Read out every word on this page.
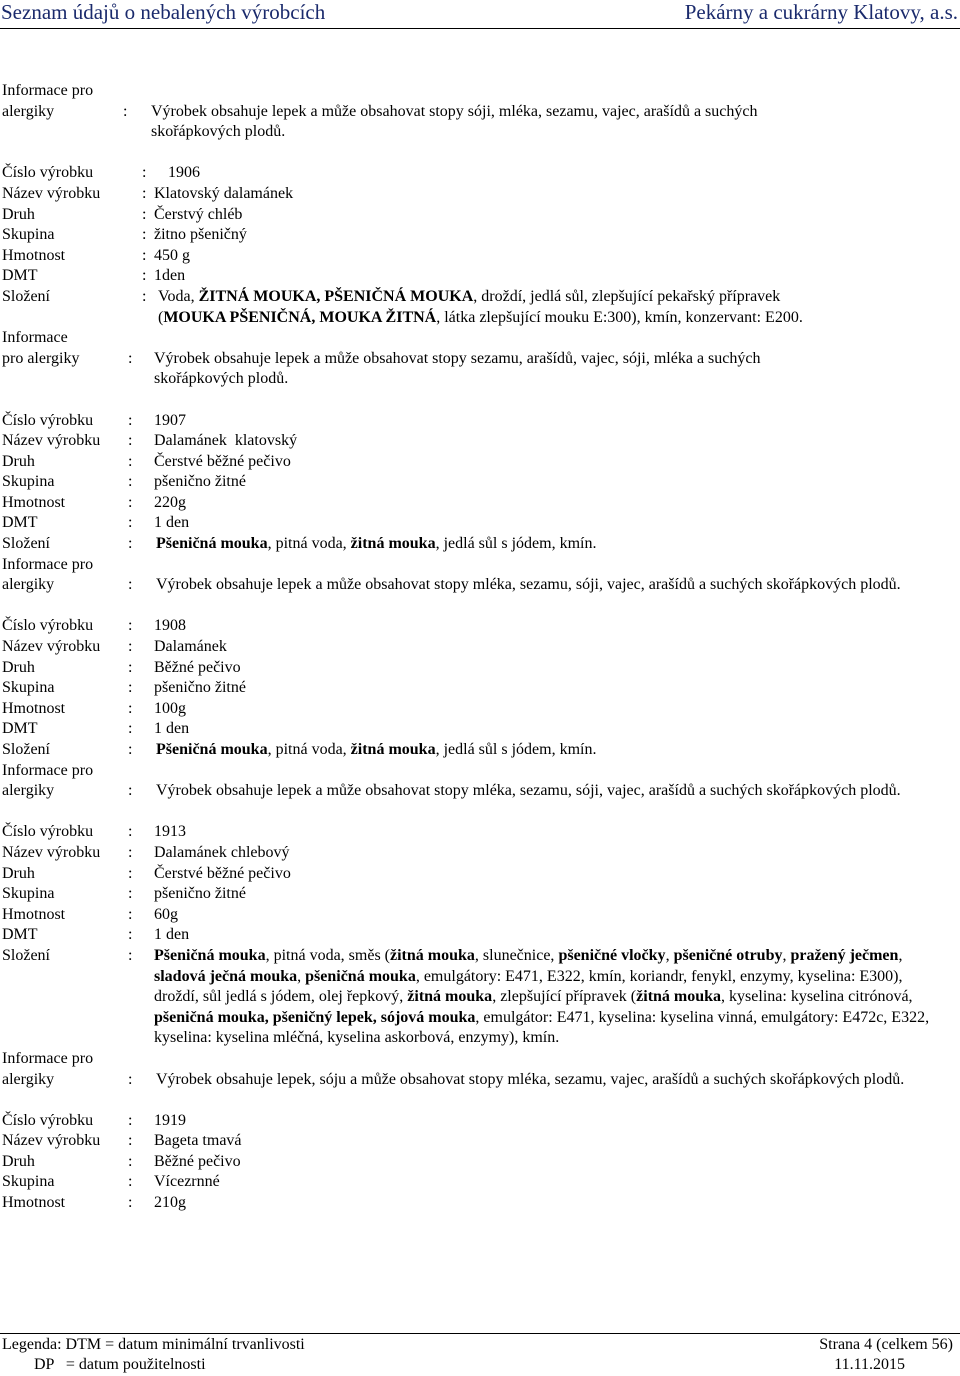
Seznam údajů o nebalených výrobcích	Pekárny a cukrárny Klatovy, a.s.
Informace pro
alergiky	: Výrobek obsahuje lepek a může obsahovat stopy sóji, mléka, sezamu, vajec, arašídů a suchých skořápkových plodů.
Číslo výrobku	: 1906
Název výrobku	: Klatovský dalamánek
Druh	: Čerstvý chléb
Skupina	: žitno pšeničný
Hmotnost	: 450 g
DMT	: 1den
Složení	: Voda, ŽITNÁ MOUKA, PŠENIČNÁ MOUKA, droždí, jedlá sůl, zlepšující pekařský přípravek (MOUKA PŠENIČNÁ, MOUKA ŽITNÁ, látka zlepšující mouku E:300), kmín, konzervant: E200.
Informace
pro alergiky	: Výrobek obsahuje lepek a může obsahovat stopy sezamu, arašídů, vajec, sóji, mléka a suchých skořápkových plodů.
Číslo výrobku : 1907
Název výrobku : Dalamánek  klatovský
Druh	: Čerstvé běžné pečivo
Skupina	: pšeničnо žitné
Hmotnost	: 220g
DMT	: 1 den
Složení	: Pšeničná mouka, pitná voda, žitná mouka, jedlá sůl s jódem, kmín.
Informace pro
alergiky	: Výrobek obsahuje lepek a může obsahovat stopy mléka, sezamu, sóji, vajec, arašídů a suchých skořápkových plodů.
Číslo výrobku : 1908
Název výrobku : Dalamánek
Druh	: Běžné pečivo
Skupina	: pšeničnо žitné
Hmotnost	: 100g
DMT	: 1 den
Složení	: Pšeničná mouka, pitná voda, žitná mouka, jedlá sůl s jódem, kmín.
Informace pro
alergiky	: Výrobek obsahuje lepek a může obsahovat stopy mléka, sezamu, sóji, vajec, arašídů a suchých skořápkových plodů.
Číslo výrobku : 1913
Název výrobku : Dalamánek chlebový
Druh	: Čerstvé běžné pečivo
Skupina	: pšeničnо žitné
Hmotnost	: 60g
DMT	: 1 den
Složení	: Pšeničná mouka, pitná voda, směs (žitná mouka, slunečnice, pšeničné vločky, pšeničné otruby, pražený ječmen, sladová ječná mouka, pšeničná mouka, emulgátory: E471, E322, kmín, koriandr, fenykl, enzymy, kyselina: E300), droždí, sůl jedlá s jódem, olej řepkový, žitná mouka, zlepšující přípravek (žitná mouka, kyselina: kyselina citrónová, pšeničná mouka, pšeničný lepek, sójová mouka, emulgátor: E471, kyselina: kyselina vinná, emulgátory: E472c, E322, kyselina: kyselina mléčná, kyselina askorbová, enzymy), kmín.
Informace pro
alergiky	: Výrobek obsahuje lepek, sóju a může obsahovat stopy mléka, sezamu, vajec, arašídů a suchých skořápkových plodů.
Číslo výrobku : 1919
Název výrobku : Bageta tmavá
Druh	: Běžné pečivo
Skupina	: Vícezrnné
Hmotnost	: 210g
Legenda: DTM = datum minimální trvanlivosti
DP   = datum použitelnosti
Strana 4 (celkem 56)
11.11.2015
